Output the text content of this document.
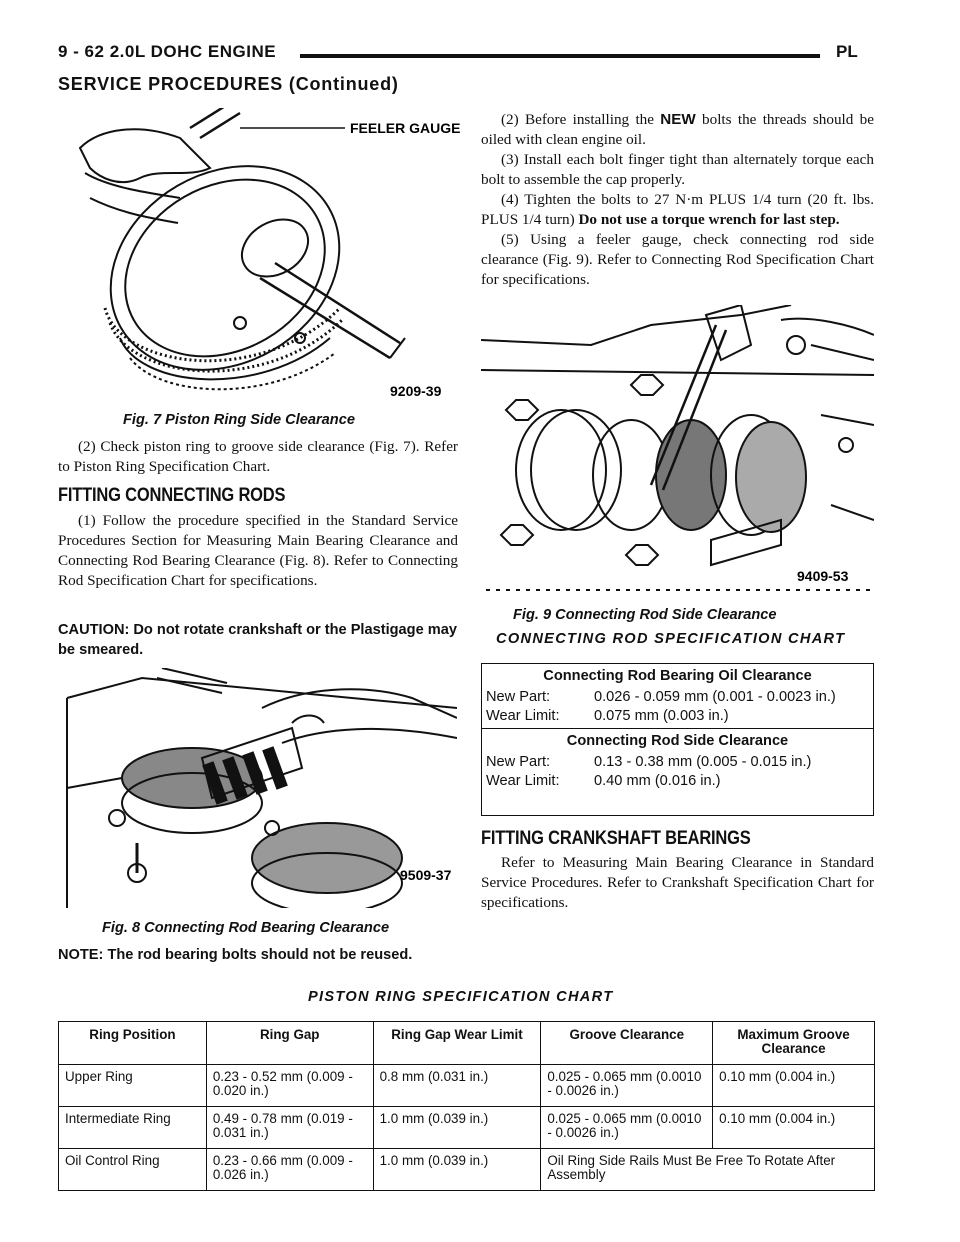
9 - 62 2.0L DOHC ENGINE	PL
SERVICE PROCEDURES (Continued)
FEELER GAUGE
9209-39
Fig. 7 Piston Ring Side Clearance

(2) Check piston ring to groove side clearance (Fig. 7). Refer to Piston Ring Specification Chart.

FITTING CONNECTING RODS

(1) Follow the procedure specified in the Standard Service Procedures Section for Measuring Main Bearing Clearance and Connecting Rod Bearing Clearance (Fig. 8). Refer to Connecting Rod Specification Chart for specifications.

CAUTION: Do not rotate crankshaft or the Plastigage may be smeared.
9509-37
Fig. 8 Connecting Rod Bearing Clearance
NOTE: The rod bearing bolts should not be reused.

(2) Before installing the NEW bolts the threads should be oiled with clean engine oil.

(3) Install each bolt finger tight than alternately torque each bolt to assemble the cap properly.

(4) Tighten the bolts to 27 N·m PLUS 1/4 turn (20 ft. lbs. PLUS 1/4 turn) Do not use a torque wrench for last step.

(5) Using a feeler gauge, check connecting rod side clearance (Fig. 9). Refer to Connecting Rod Specification Chart for specifications.

9409-53
Fig. 9 Connecting Rod Side Clearance
CONNECTING ROD SPECIFICATION CHART
Connecting Rod Bearing Oil Clearance
New Part:	0.026 - 0.059 mm (0.001 - 0.0023 in.)
Wear Limit:	0.075 mm (0.003 in.)
Connecting Rod Side Clearance
New Part:	0.13 - 0.38 mm (0.005 - 0.015 in.)
Wear Limit:	0.40 mm (0.016 in.)
FITTING CRANKSHAFT BEARINGS

Refer to Measuring Main Bearing Clearance in Standard Service Procedures. Refer to Crankshaft Specification Chart for specifications.

PISTON RING SPECIFICATION CHART
Ring Position	Ring Gap	Ring Gap Wear Limit	Groove Clearance	Maximum Groove Clearance
Upper Ring	0.23 - 0.52 mm (0.009 - 0.020 in.)	0.8 mm (0.031 in.)	0.025 - 0.065 mm (0.0010 - 0.0026 in.)	0.10 mm (0.004 in.)
Intermediate Ring	0.49 - 0.78 mm (0.019 - 0.031 in.)	1.0 mm (0.039 in.)	0.025 - 0.065 mm (0.0010 - 0.0026 in.)	0.10 mm (0.004 in.)
Oil Control Ring	0.23 - 0.66 mm (0.009 - 0.026 in.)	1.0 mm (0.039 in.)	Oil Ring Side Rails Must Be Free To Rotate After Assembly	
